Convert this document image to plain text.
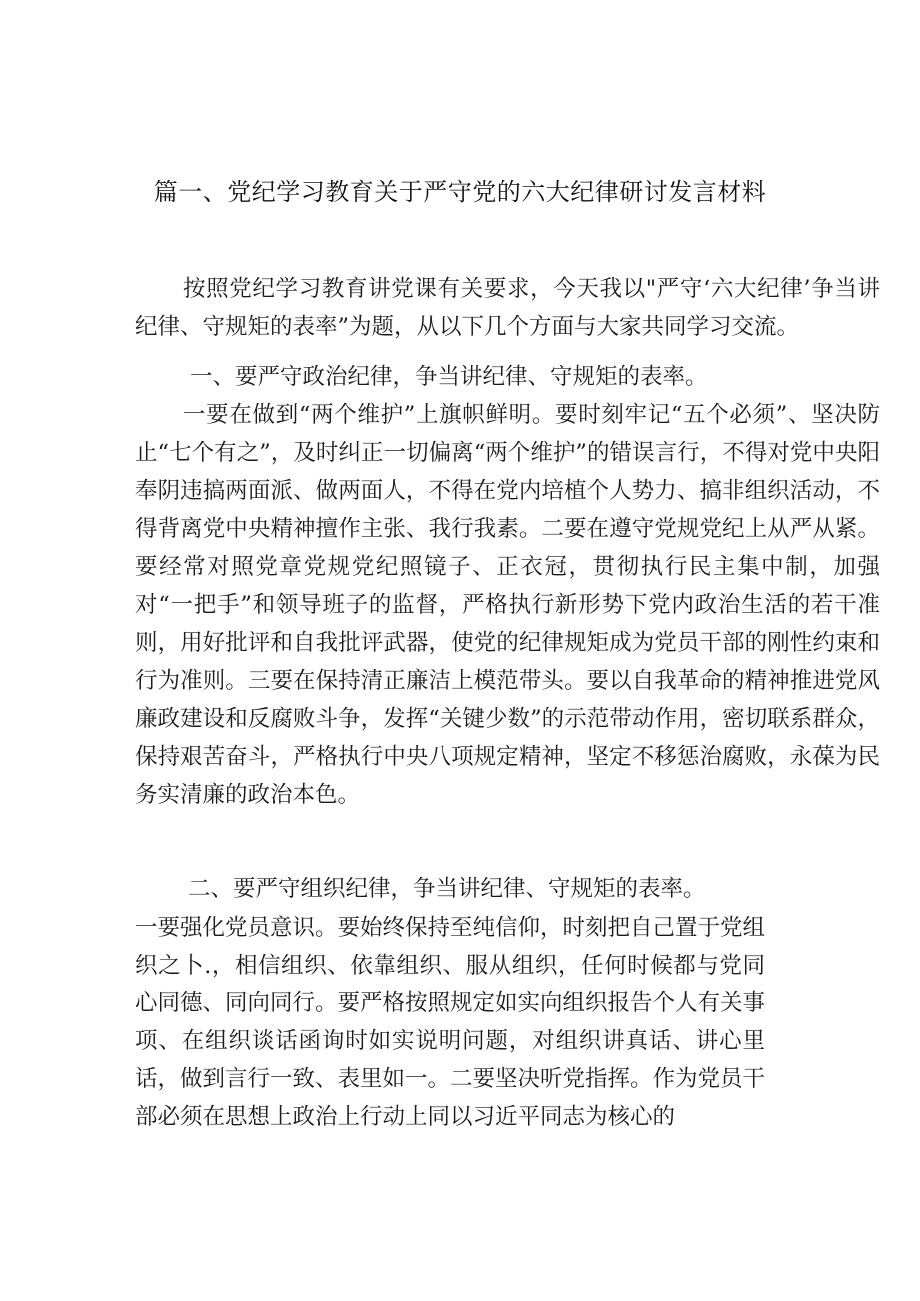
篇一、党纪学习教育关于严守党的六大纪律研讨发言材料
按照党纪学习教育讲党课有关要求，今天我以"严守‘六大纪律’争当讲纪律、守规矩的表率”为题，从以下几个方面与大家共同学习交流。
一、要严守政治纪律，争当讲纪律、守规矩的表率。
一要在做到“两个维护”上旗帜鲜明。要时刻牢记“五个必须”、坚决防止“七个有之”，及时纠正一切偏离“两个维护”的错误言行，不得对党中央阳奉阴违搞两面派、做两面人，不得在党内培植个人势力、搞非组织活动，不得背离党中央精神擅作主张、我行我素。二要在遵守党规党纪上从严从紧。要经常对照党章党规党纪照镜子、正衣冠，贯彻执行民主集中制，加强对“一把手”和领导班子的监督，严格执行新形势下党内政治生活的若干准则，用好批评和自我批评武器，使党的纪律规矩成为党员干部的刚性约束和行为准则。三要在保持清正廉洁上模范带头。要以自我革命的精神推进党风廉政建设和反腐败斗争，发挥“关键少数”的示范带动作用，密切联系群众，保持艰苦奋斗，严格执行中央八项规定精神，坚定不移惩治腐败，永葆为民务实清廉的政治本色。
二、要严守组织纪律，争当讲纪律、守规矩的表率。
一要强化党员意识。要始终保持至纯信仰，时刻把自己置于党组织之卜.，相信组织、依靠组织、服从组织，任何时候都与党同心同德、同向同行。要严格按照规定如实向组织报告个人有关事项、在组织谈话函询时如实说明问题，对组织讲真话、讲心里话，做到言行一致、表里如一。二要坚决听党指挥。作为党员干部必须在思想上政治上行动上同以习近平同志为核心的
